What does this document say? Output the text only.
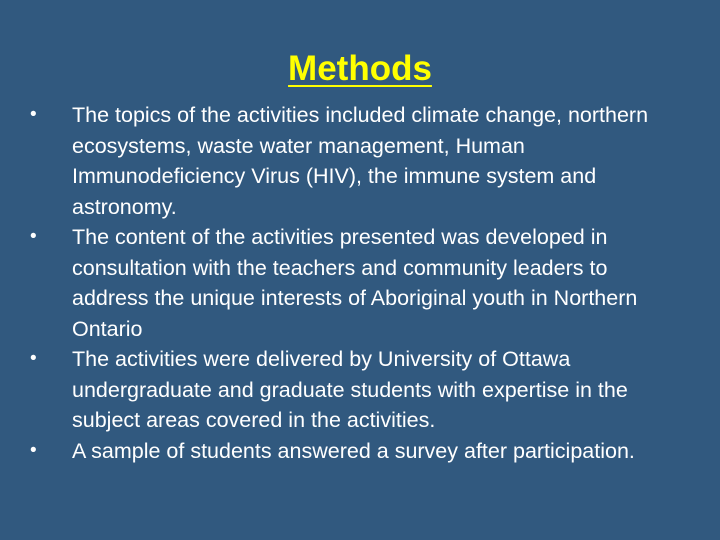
Methods
•	The topics of the activities included climate change, northern ecosystems, waste water management, Human Immunodeficiency Virus (HIV), the immune system and astronomy.
•	The content of the activities presented was developed in consultation with the teachers and community leaders to address the unique interests of Aboriginal youth in Northern Ontario
•	The activities were delivered by University of Ottawa undergraduate and graduate students with expertise in the subject areas covered in the activities.
•	A sample of students answered a survey after participation.
